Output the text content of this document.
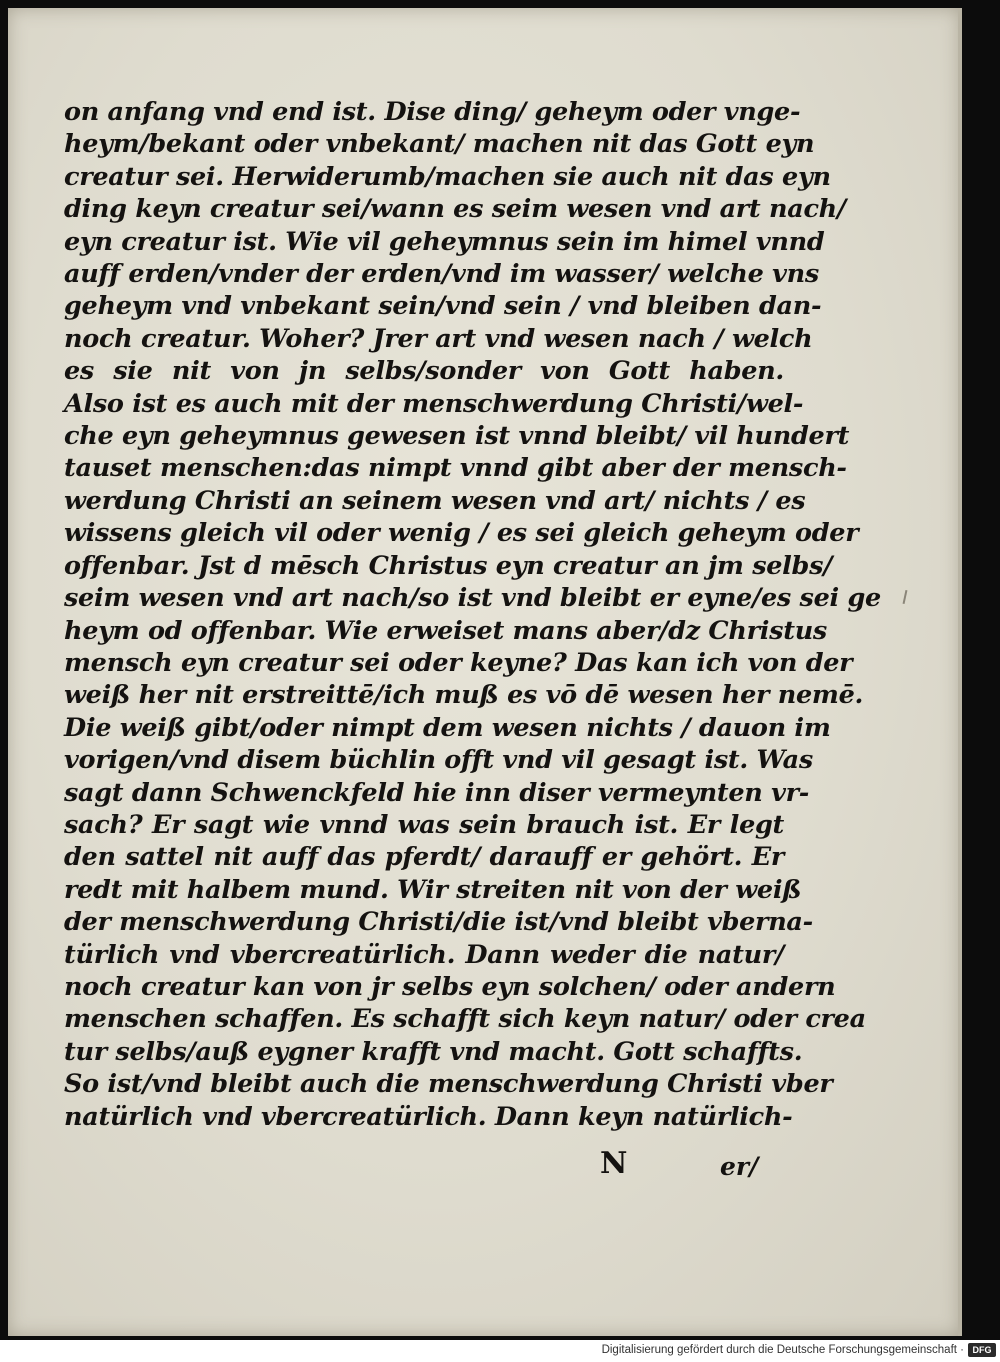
on anfang vnd end ist. Dise ding/ geheym oder vnge-
heym/bekant oder vnbekant/ machen nit das Gott eyn
creatur sei. Herwiderumb/machen sie auch nit das eyn
ding keyn creatur sei/wann es seim wesen vnd art nach/
eyn creatur ist. Wie vil geheymnus sein im himel vnnd
auff erden/vnder der erden/vnd im wasser/ welche vns
geheym vnd vnbekant sein/vnd sein / vnd bleiben dan-
noch creatur. Woher? Jrer art vnd wesen nach / welch
es sie nit von jn selbs/sonder von Gott haben.
Also ist es auch mit der menschwerdung Christi/wel-
che eyn geheymnus gewesen ist vnnd bleibt/ vil hundert
tauset menschen:das nimpt vnnd gibt aber der mensch-
werdung Christi an seinem wesen vnd art/ nichts / es
wissens gleich vil oder wenig / es sei gleich geheym oder
offenbar. Jst d mēsch Christus eyn creatur an jm selbs/
seim wesen vnd art nach/so ist vnd bleibt er eyne/es sei ge
heym od offenbar. Wie erweiset mans aber/dz Christus
mensch eyn creatur sei oder keyne? Das kan ich von der
weiß her nit erstreittē/ich muß es vō dē wesen her nemē.
Die weiß gibt/oder nimpt dem wesen nichts / dauon im
vorigen/vnd disem büchlin offt vnd vil gesagt ist. Was
sagt dann Schwenckfeld hie inn diser vermeynten vr-
sach? Er sagt wie vnnd was sein brauch ist. Er legt
den sattel nit auff das pferdt/ darauff er gehört. Er
redt mit halbem mund. Wir streiten nit von der weiß
der menschwerdung Christi/die ist/vnd bleibt vberna-
türlich vnd vbercreatürlich. Dann weder die natur/
noch creatur kan von jr selbs eyn solchen/ oder andern
menschen schaffen. Es schafft sich keyn natur/ oder crea
tur selbs/auß eygner krafft vnd macht. Gott schaffts.
So ist/vnd bleibt auch die menschwerdung Christi vber
natürlich vnd vbercreatürlich. Dann keyn natürlich-
N	er/
Digitalisierung gefördert durch die Deutsche Forschungsgemeinschaft · DFG
